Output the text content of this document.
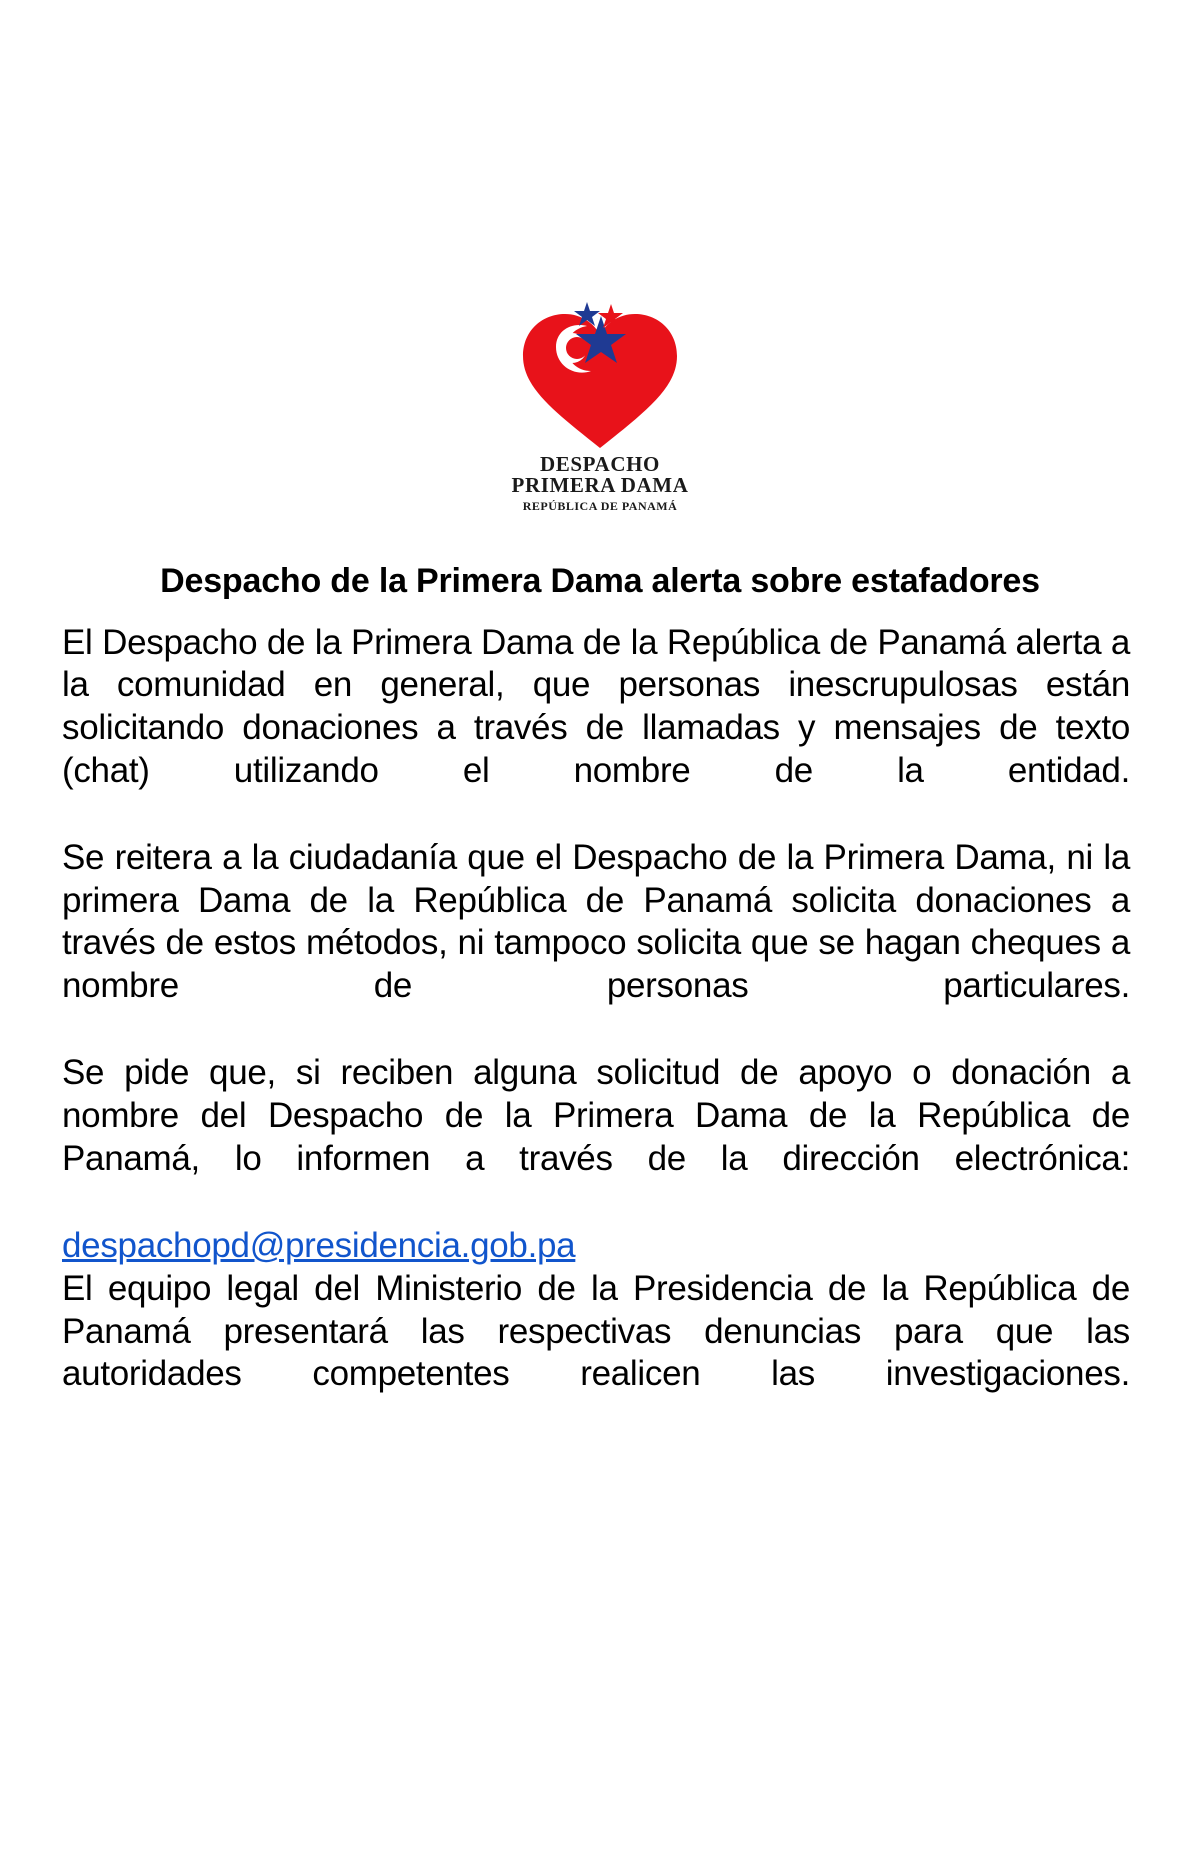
DESPACHO
PRIMERA DAMA
REPÚBLICA DE PANAMÁ
Despacho de la Primera Dama alerta sobre estafadores

El Despacho de la Primera Dama de la República de Panamá alerta a la comunidad en general, que personas inescrupulosas están solicitando donaciones a través de llamadas y mensajes de texto (chat) utilizando el nombre de la entidad.

Se reitera a la ciudadanía que el Despacho de la Primera Dama, ni la primera Dama de la República de Panamá solicita donaciones a través de estos métodos, ni tampoco solicita que se hagan cheques a nombre de personas particulares.

Se pide que, si reciben alguna solicitud de apoyo o donación a nombre del Despacho de la Primera Dama de la República de Panamá, lo informen a través de la dirección electrónica:

despachopd@presidencia.gob.pa

El equipo legal del Ministerio de la Presidencia de la República de Panamá presentará las respectivas denuncias para que las autoridades competentes realicen las investigaciones.
